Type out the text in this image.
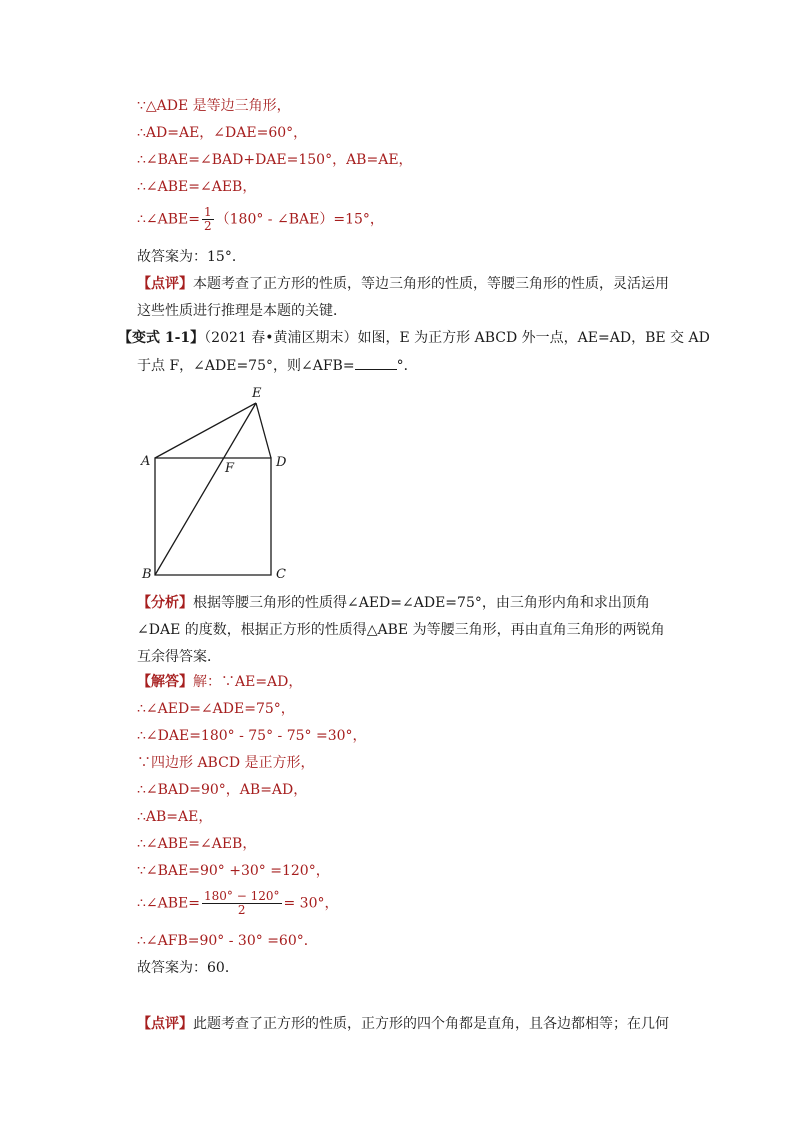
∵△ADE 是等边三角形，
∴AD=AE，∠DAE=60°，
∴∠BAE=∠BAD+DAE=150°，AB=AE，
∴∠ABE=∠AEB，
∴∠ABE= $\frac{1}{2} (180^\circ$ - ∠BAE）=15°，
故答案为：15°．
【点评】本题考查了正方形的性质，等边三角形的性质，等腰三角形的性质，灵活运用
这些性质进行推理是本题的关键．
【变式 1-1】（2021 春•黄浦区期末）如图，E 为正方形 ABCD 外一点，AE=AD，BE 交 AD
于点 F，∠ADE=75°，则∠AFB=	°．
E
A	D
F
B	C
【分析】根据等腰三角形的性质得∠AED=∠ADE=75°，由三角形内角和求出顶角∠DAE 的度数，根据正方形的性质得△ABE 为等腰三角形，再由直角三角形的两锐角互余得答案．
【解答】解：∵AE=AD，
∴∠AED=∠ADE=75°，
∴∠DAE=180° - 75° - 75° =30°，
∵四边形 ABCD 是正方形，
∴∠BAD=90°，AB=AD，
∴AB=AE，
∴∠ABE=∠AEB，
∵∠BAE=90° +30° =120°，
∴∠ABE= $\frac{180^\circ - 120^\circ}{2} = 30^\circ$，
∴∠AFB=90° - 30° =60°．
故答案为：60．
【点评】此题考查了正方形的性质，正方形的四个角都是直角，且各边都相等；在几何
